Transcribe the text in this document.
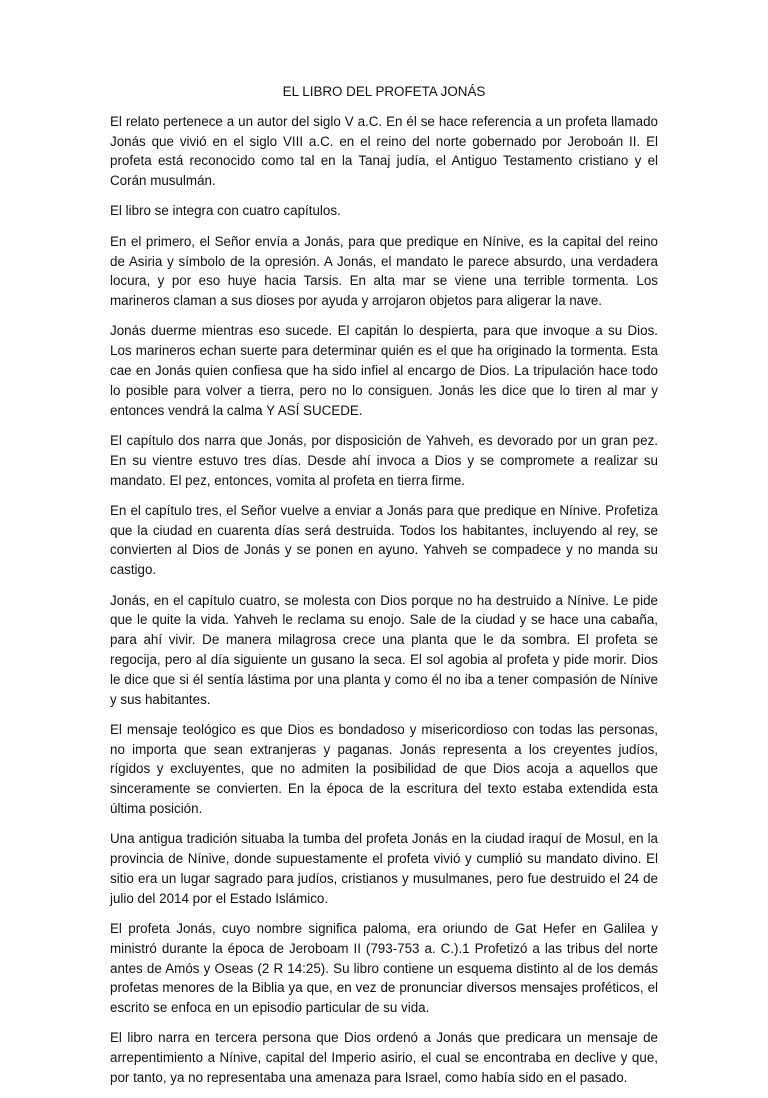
EL LIBRO DEL PROFETA JONÁS

El relato pertenece a un autor del siglo V a.C. En él se hace referencia a un profeta llamado Jonás que vivió en el siglo VIII a.C. en el reino del norte gobernado por Jeroboán II. El profeta está reconocido como tal en la Tanaj judía, el Antiguo Testamento cristiano y el Corán musulmán.

El libro se integra con cuatro capítulos.

En el primero, el Señor envía a Jonás, para que predique en Nínive, es la capital del reino de Asiria y símbolo de la opresión. A Jonás, el mandato le parece absurdo, una verdadera locura, y por eso huye hacia Tarsis. En alta mar se viene una terrible tormenta. Los marineros claman a sus dioses por ayuda y arrojaron objetos para aligerar la nave.

Jonás duerme mientras eso sucede. El capitán lo despierta, para que invoque a su Dios. Los marineros echan suerte para determinar quién es el que ha originado la tormenta. Esta cae en Jonás quien confiesa que ha sido infiel al encargo de Dios. La tripulación hace todo lo posible para volver a tierra, pero no lo consiguen. Jonás les dice que lo tiren al mar y entonces vendrá la calma Y ASÍ SUCEDE.

El capítulo dos narra que Jonás, por disposición de Yahveh, es devorado por un gran pez. En su vientre estuvo tres días. Desde ahí invoca a Dios y se compromete a realizar su mandato. El pez, entonces, vomita al profeta en tierra firme.

En el capítulo tres, el Señor vuelve a enviar a Jonás para que predique en Nínive. Profetiza que la ciudad en cuarenta días será destruida. Todos los habitantes, incluyendo al rey, se convierten al Dios de Jonás y se ponen en ayuno. Yahveh se compadece y no manda su castigo.

Jonás, en el capítulo cuatro, se molesta con Dios porque no ha destruido a Nínive. Le pide que le quite la vida. Yahveh le reclama su enojo. Sale de la ciudad y se hace una cabaña, para ahí vivir. De manera milagrosa crece una planta que le da sombra. El profeta se regocija, pero al día siguiente un gusano la seca. El sol agobia al profeta y pide morir. Dios le dice que si él sentía lástima por una planta y como él no iba a tener compasión de Nínive y sus habitantes.

El mensaje teológico es que Dios es bondadoso y misericordioso con todas las personas, no importa que sean extranjeras y paganas. Jonás representa a los creyentes judíos, rígidos y excluyentes, que no admiten la posibilidad de que Dios acoja a aquellos que sinceramente se convierten. En la época de la escritura del texto estaba extendida esta última posición.

Una antigua tradición situaba la tumba del profeta Jonás en la ciudad iraquí de Mosul, en la provincia de Nínive, donde supuestamente el profeta vivió y cumplió su mandato divino. El sitio era un lugar sagrado para judíos, cristianos y musulmanes, pero fue destruido el 24 de julio del 2014 por el Estado Islámico.

El profeta Jonás, cuyo nombre significa paloma, era oriundo de Gat Hefer en Galilea y ministró durante la época de Jeroboam II (793-753 a. C.).1 Profetizó a las tribus del norte antes de Amós y Oseas (2 R 14:25). Su libro contiene un esquema distinto al de los demás profetas menores de la Biblia ya que, en vez de pronunciar diversos mensajes proféticos, el escrito se enfoca en un episodio particular de su vida.

El libro narra en tercera persona que Dios ordenó a Jonás que predicara un mensaje de arrepentimiento a Nínive, capital del Imperio asirio, el cual se encontraba en declive y que, por tanto, ya no representaba una amenaza para Israel, como había sido en el pasado.
